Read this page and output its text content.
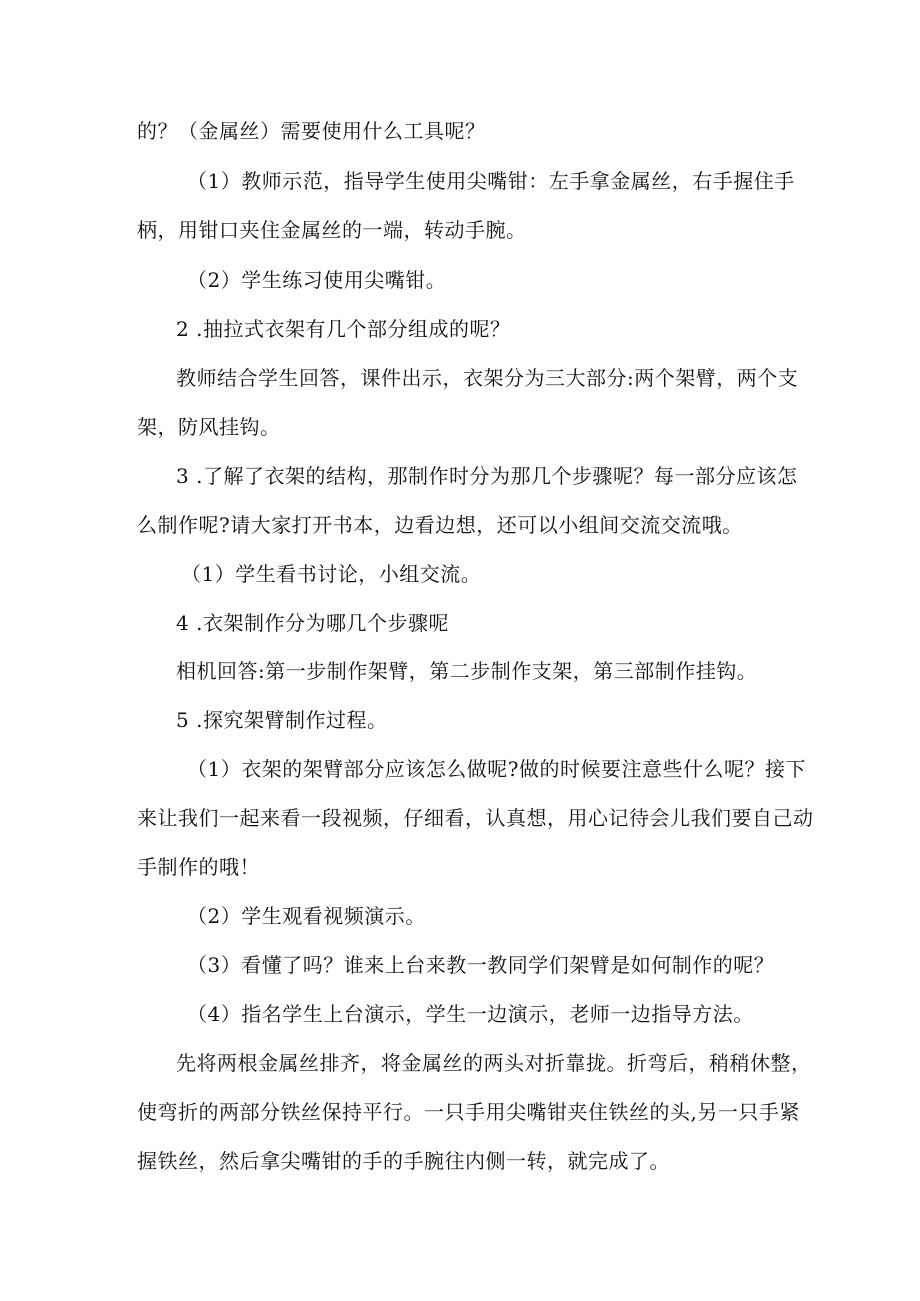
的？（金属丝）需要使用什么工具呢？
（1）教师示范，指导学生使用尖嘴钳：左手拿金属丝，右手握住手
柄，用钳口夹住金属丝的一端，转动手腕。
（2）学生练习使用尖嘴钳。
2 .抽拉式衣架有几个部分组成的呢？
教师结合学生回答，课件出示，衣架分为三大部分:两个架臂，两个支
架，防风挂钩。
3 .了解了衣架的结构，那制作时分为那几个步骤呢？每一部分应该怎
么制作呢?请大家打开书本，边看边想，还可以小组间交流交流哦。
（1）学生看书讨论，小组交流。
4 .衣架制作分为哪几个步骤呢
相机回答:第一步制作架臂，第二步制作支架，第三部制作挂钩。
5 .探究架臂制作过程。
（1）衣架的架臂部分应该怎么做呢?做的时候要注意些什么呢？接下
来让我们一起来看一段视频，仔细看，认真想，用心记待会儿我们要自己动
手制作的哦！
（2）学生观看视频演示。
（3）看懂了吗？谁来上台来教一教同学们架臂是如何制作的呢？
（4）指名学生上台演示，学生一边演示，老师一边指导方法。
先将两根金属丝排齐，将金属丝的两头对折靠拢。折弯后，稍稍休整，
使弯折的两部分铁丝保持平行。一只手用尖嘴钳夹住铁丝的头,另一只手紧
握铁丝，然后拿尖嘴钳的手的手腕往内侧一转，就完成了。
